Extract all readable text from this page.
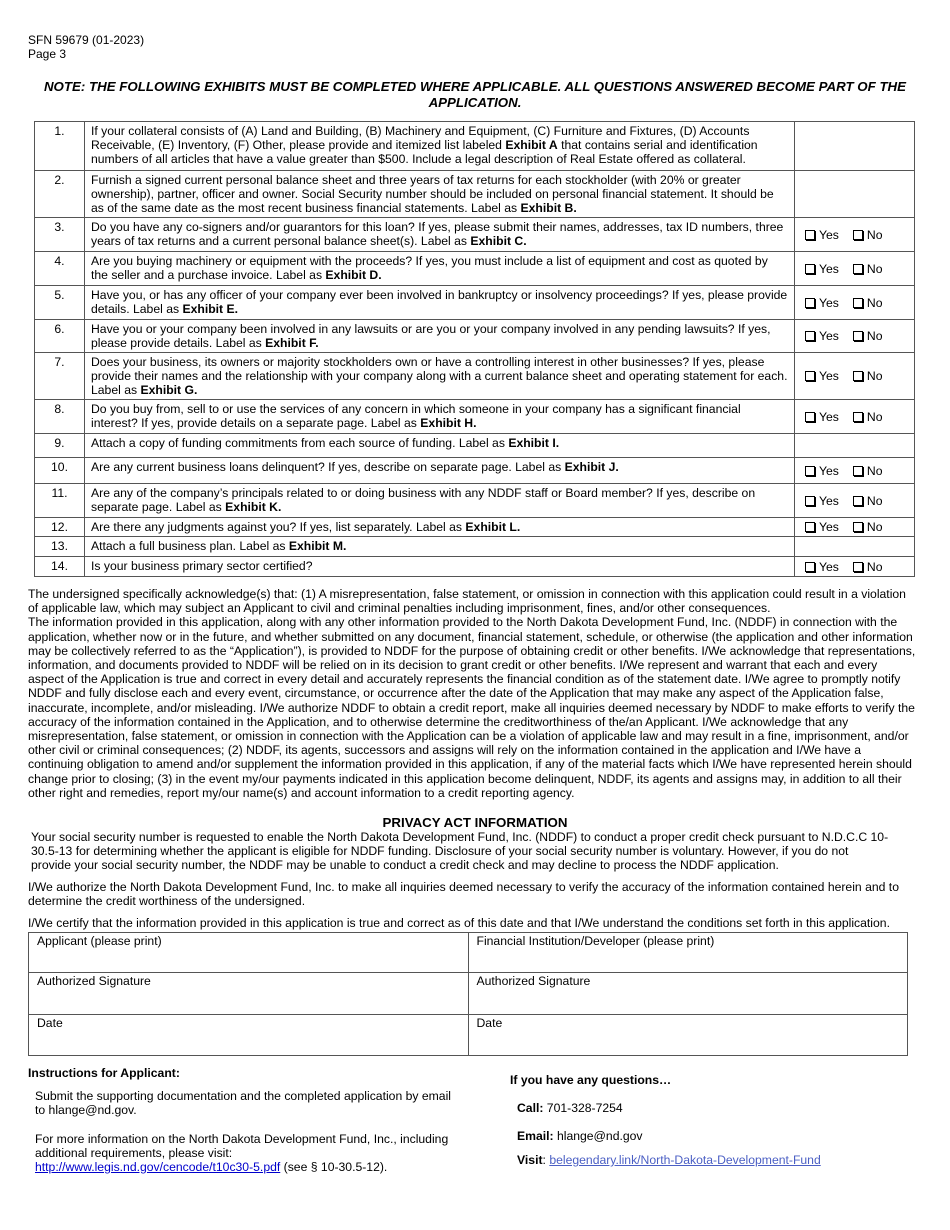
SFN 59679 (01-2023)
Page 3
NOTE: THE FOLLOWING EXHIBITS MUST BE COMPLETED WHERE APPLICABLE. ALL QUESTIONS ANSWERED BECOME PART OF THE APPLICATION.
1.	If your collateral consists of (A) Land and Building, (B) Machinery and Equipment, (C) Furniture and Fixtures, (D) Accounts Receivable, (E) Inventory, (F) Other, please provide and itemized list labeled Exhibit A that contains serial and identification numbers of all articles that have a value greater than $500. Include a legal description of Real Estate offered as collateral.	
2.	Furnish a signed current personal balance sheet and three years of tax returns for each stockholder (with 20% or greater ownership), partner, officer and owner. Social Security number should be included on personal financial statement. It should be as of the same date as the most recent business financial statements. Label as Exhibit B.	
3.	Do you have any co-signers and/or guarantors for this loan? If yes, please submit their names, addresses, tax ID numbers, three years of tax returns and a current personal balance sheet(s). Label as Exhibit C.	Yes No
4.	Are you buying machinery or equipment with the proceeds? If yes, you must include a list of equipment and cost as quoted by the seller and a purchase invoice. Label as Exhibit D.	Yes No
5.	Have you, or has any officer of your company ever been involved in bankruptcy or insolvency proceedings? If yes, please provide details. Label as Exhibit E.	Yes No
6.	Have you or your company been involved in any lawsuits or are you or your company involved in any pending lawsuits? If yes, please provide details. Label as Exhibit F.	Yes No
7.	Does your business, its owners or majority stockholders own or have a controlling interest in other businesses? If yes, please provide their names and the relationship with your company along with a current balance sheet and operating statement for each. Label as Exhibit G.	Yes No
8.	Do you buy from, sell to or use the services of any concern in which someone in your company has a significant financial interest? If yes, provide details on a separate page. Label as Exhibit H.	Yes No
9.	Attach a copy of funding commitments from each source of funding. Label as Exhibit I.	
10.	Are any current business loans delinquent? If yes, describe on separate page. Label as Exhibit J.	Yes No
11.	Are any of the company’s principals related to or doing business with any NDDF staff or Board member? If yes, describe on separate page. Label as Exhibit K.	Yes No
12.	Are there any judgments against you? If yes, list separately. Label as Exhibit L.	Yes No
13.	Attach a full business plan. Label as Exhibit M.	
14.	Is your business primary sector certified?	Yes No

The undersigned specifically acknowledge(s) that: (1) A misrepresentation, false statement, or omission in connection with this application could result in a violation of applicable law, which may subject an Applicant to civil and criminal penalties including imprisonment, fines, and/or other consequences.

The information provided in this application, along with any other information provided to the North Dakota Development Fund, Inc. (NDDF) in connection with the application, whether now or in the future, and whether submitted on any document, financial statement, schedule, or otherwise (the application and other information may be collectively referred to as the “Application”), is provided to NDDF for the purpose of obtaining credit or other benefits. I/We acknowledge that representations, information, and documents provided to NDDF will be relied on in its decision to grant credit or other benefits. I/We represent and warrant that each and every aspect of the Application is true and correct in every detail and accurately represents the financial condition as of the statement date. I/We agree to promptly notify NDDF and fully disclose each and every event, circumstance, or occurrence after the date of the Application that may make any aspect of the Application false, inaccurate, incomplete, and/or misleading. I/We authorize NDDF to obtain a credit report, make all inquiries deemed necessary by NDDF to make efforts to verify the accuracy of the information contained in the Application, and to otherwise determine the creditworthiness of the/an Applicant. I/We acknowledge that any misrepresentation, false statement, or omission in connection with the Application can be a violation of applicable law and may result in a fine, imprisonment, and/or other civil or criminal consequences; (2) NDDF, its agents, successors and assigns will rely on the information contained in the application and I/We have a continuing obligation to amend and/or supplement the information provided in this application, if any of the material facts which I/We have represented herein should change prior to closing; (3) in the event my/our payments indicated in this application become delinquent, NDDF, its agents and assigns may, in addition to all their other right and remedies, report my/our name(s) and account information to a credit reporting agency.

PRIVACY ACT INFORMATION
Your social security number is requested to enable the North Dakota Development Fund, Inc. (NDDF) to conduct a proper credit check pursuant to N.D.C.C 10-30.5-13 for determining whether the applicant is eligible for NDDF funding. Disclosure of your social security number is voluntary. However, if you do not provide your social security number, the NDDF may be unable to conduct a credit check and may decline to process the NDDF application.
I/We authorize the North Dakota Development Fund, Inc. to make all inquiries deemed necessary to verify the accuracy of the information contained herein and to determine the credit worthiness of the undersigned.
I/We certify that the information provided in this application is true and correct as of this date and that I/We understand the conditions set forth in this application.
Applicant (please print)	Financial Institution/Developer (please print)
Authorized Signature	Authorized Signature
Date	Date
Instructions for Applicant:
Submit the supporting documentation and the completed application by email to hlange@nd.gov.
For more information on the North Dakota Development Fund, Inc., including additional requirements, please visit:
http://www.legis.nd.gov/cencode/t10c30-5.pdf (see § 10-30.5-12).
If you have any questions…
Call: 701-328-7254
Email: hlange@nd.gov
Visit: belegendary.link/North-Dakota-Development-Fund
